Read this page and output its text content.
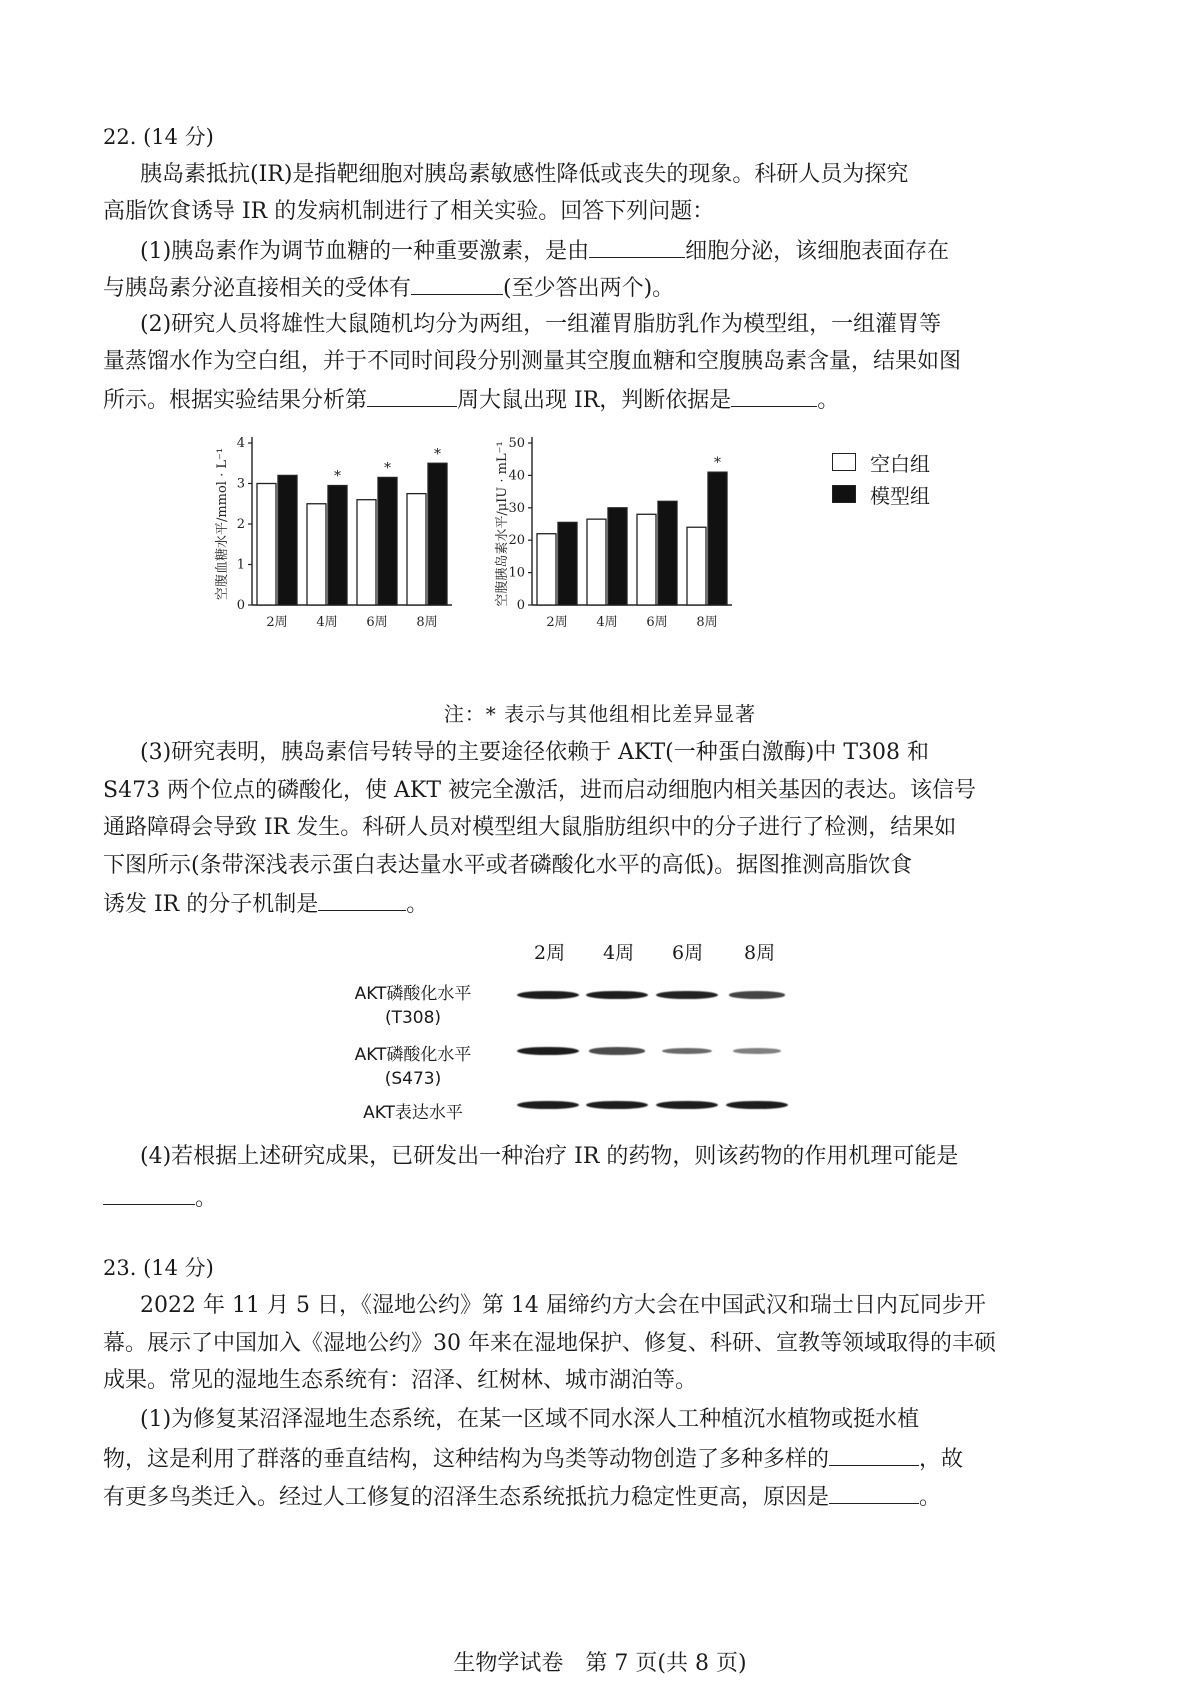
22. (14 分)
胰岛素抵抗(IR)是指靶细胞对胰岛素敏感性降低或丧失的现象。科研人员为探究
高脂饮食诱导 IR 的发病机制进行了相关实验。回答下列问题：
(1)胰岛素作为调节血糖的一种重要激素，是由	细胞分泌，该细胞表面存在
与胰岛素分泌直接相关的受体有	(至少答出两个)。
(2)研究人员将雄性大鼠随机均分为两组，一组灌胃脂肪乳作为模型组，一组灌胃等
量蒸馏水作为空白组，并于不同时间段分别测量其空腹血糖和空腹胰岛素含量，结果如图
所示。根据实验结果分析第	周大鼠出现 IR，判断依据是	。
空腹血糖水平/mmol · L⁻¹
0
1
2
3
4
2周
*
4周
*
6周
*
8周
空腹胰岛素水平/μIU · mL⁻¹ 0
10
20
30
40
50
2周 4周 6周
*
8周
空白组
模型组
注：* 表示与其他组相比差异显著
(3)研究表明，胰岛素信号转导的主要途径依赖于 AKT(一种蛋白激酶)中 T308 和
S473 两个位点的磷酸化，使 AKT 被完全激活，进而启动细胞内相关基因的表达。该信号
通路障碍会导致 IR 发生。科研人员对模型组大鼠脂肪组织中的分子进行了检测，结果如
下图所示(条带深浅表示蛋白表达量水平或者磷酸化水平的高低)。据图推测高脂饮食
诱发 IR 的分子机制是	。
2周 4周 6周 8周
AKT磷酸化水平
(T308)
AKT磷酸化水平
(S473)
AKT表达水平
(4)若根据上述研究成果，已研发出一种治疗 IR 的药物，则该药物的作用机理可能是
。
23. (14 分)
2022 年 11 月 5 日，《湿地公约》第 14 届缔约方大会在中国武汉和瑞士日内瓦同步开
幕。展示了中国加入《湿地公约》30 年来在湿地保护、修复、科研、宣教等领域取得的丰硕
成果。常见的湿地生态系统有：沼泽、红树林、城市湖泊等。
(1)为修复某沼泽湿地生态系统，在某一区域不同水深人工种植沉水植物或挺水植
物，这是利用了群落的垂直结构，这种结构为鸟类等动物创造了多种多样的	，故
有更多鸟类迁入。经过人工修复的沼泽生态系统抵抗力稳定性更高，原因是	。
生物学试卷　第 7 页(共 8 页)
